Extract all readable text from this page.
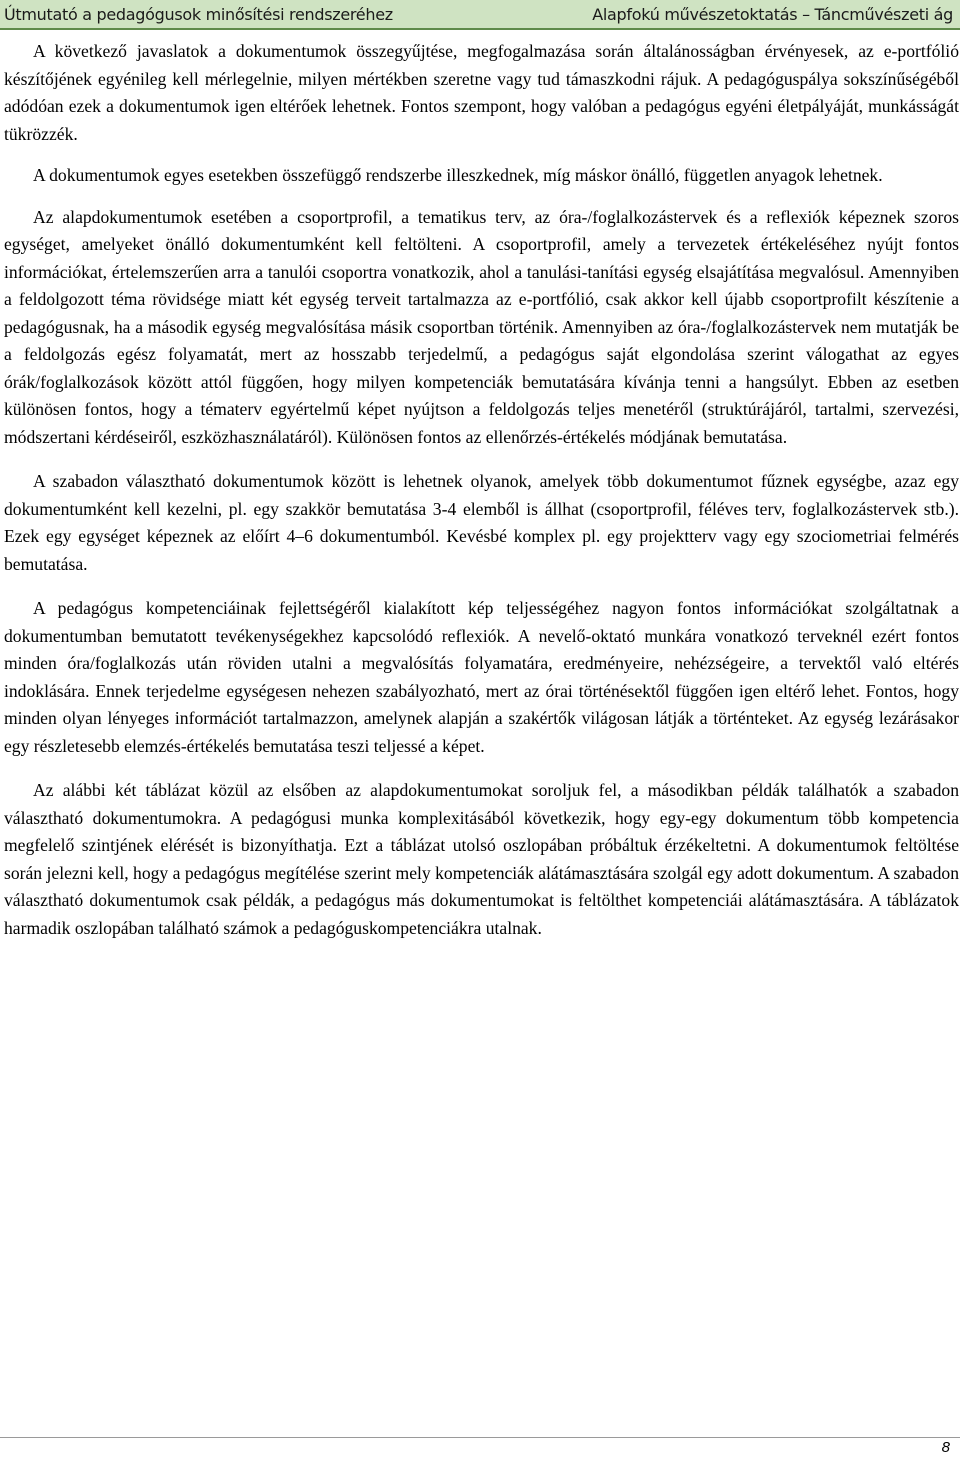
Útmutató a pedagógusok minősítési rendszeréhez	Alapfokú művészetoktatás – Táncművészeti ág

A következő javaslatok a dokumentumok összegyűjtése, megfogalmazása során általánosságban érvényesek, az e-portfólió készítőjének egyénileg kell mérlegelnie, milyen mértékben szeretne vagy tud támaszkodni rájuk. A pedagóguspálya sokszínűségéből adódóan ezek a dokumentumok igen eltérőek lehetnek. Fontos szempont, hogy valóban a pedagógus egyéni életpályáját, munkásságát tükrözzék.

A dokumentumok egyes esetekben összefüggő rendszerbe illeszkednek, míg máskor önálló, független anyagok lehetnek.

Az alapdokumentumok esetében a csoportprofil, a tematikus terv, az óra-/foglalkozástervek és a reflexiók képeznek szoros egységet, amelyeket önálló dokumentumként kell feltölteni. A csoportprofil, amely a tervezetek értékeléséhez nyújt fontos információkat, értelemszerűen arra a tanulói csoportra vonatkozik, ahol a tanulási-tanítási egység elsajátítása megvalósul. Amennyiben a feldolgozott téma rövidsége miatt két egység terveit tartalmazza az e-portfólió, csak akkor kell újabb csoportprofilt készítenie a pedagógusnak, ha a második egység megvalósítása másik csoportban történik. Amennyiben az óra-/foglalkozástervek nem mutatják be a feldolgozás egész folyamatát, mert az hosszabb terjedelmű, a pedagógus saját elgondolása szerint válogathat az egyes órák/foglalkozások között attól függően, hogy milyen kompetenciák bemutatására kívánja tenni a hangsúlyt. Ebben az esetben különösen fontos, hogy a tématerv egyértelmű képet nyújtson a feldolgozás teljes menetéről (struktúrájáról, tartalmi, szervezési, módszertani kérdéseiről, eszközhasználatáról). Különösen fontos az ellenőrzés-értékelés módjának bemutatása.

A szabadon választható dokumentumok között is lehetnek olyanok, amelyek több dokumentumot fűznek egységbe, azaz egy dokumentumként kell kezelni, pl. egy szakkör bemutatása 3-4 elemből is állhat (csoportprofil, féléves terv, foglalkozástervek stb.). Ezek egy egységet képeznek az előírt 4–6 dokumentumból. Kevésbé komplex pl. egy projektterv vagy egy szociometriai felmérés bemutatása.

A pedagógus kompetenciáinak fejlettségéről kialakított kép teljességéhez nagyon fontos információkat szolgáltatnak a dokumentumban bemutatott tevékenységekhez kapcsolódó reflexiók. A nevelő-oktató munkára vonatkozó terveknél ezért fontos minden óra/foglalkozás után röviden utalni a megvalósítás folyamatára, eredményeire, nehézségeire, a tervektől való eltérés indoklására. Ennek terjedelme egységesen nehezen szabályozható, mert az órai történésektől függően igen eltérő lehet. Fontos, hogy minden olyan lényeges információt tartalmazzon, amelynek alapján a szakértők világosan látják a történteket. Az egység lezárásakor egy részletesebb elemzés-értékelés bemutatása teszi teljessé a képet.

Az alábbi két táblázat közül az elsőben az alapdokumentumokat soroljuk fel, a másodikban példák találhatók a szabadon választható dokumentumokra. A pedagógusi munka komplexitásából következik, hogy egy-egy dokumentum több kompetencia megfelelő szintjének elérését is bizonyíthatja. Ezt a táblázat utolsó oszlopában próbáltuk érzékeltetni. A dokumentumok feltöltése során jelezni kell, hogy a pedagógus megítélése szerint mely kompetenciák alátámasztására szolgál egy adott dokumentum. A szabadon választható dokumentumok csak példák, a pedagógus más dokumentumokat is feltölthet kompetenciái alátámasztására. A táblázatok harmadik oszlopában található számok a pedagóguskompetenciákra utalnak.

8
